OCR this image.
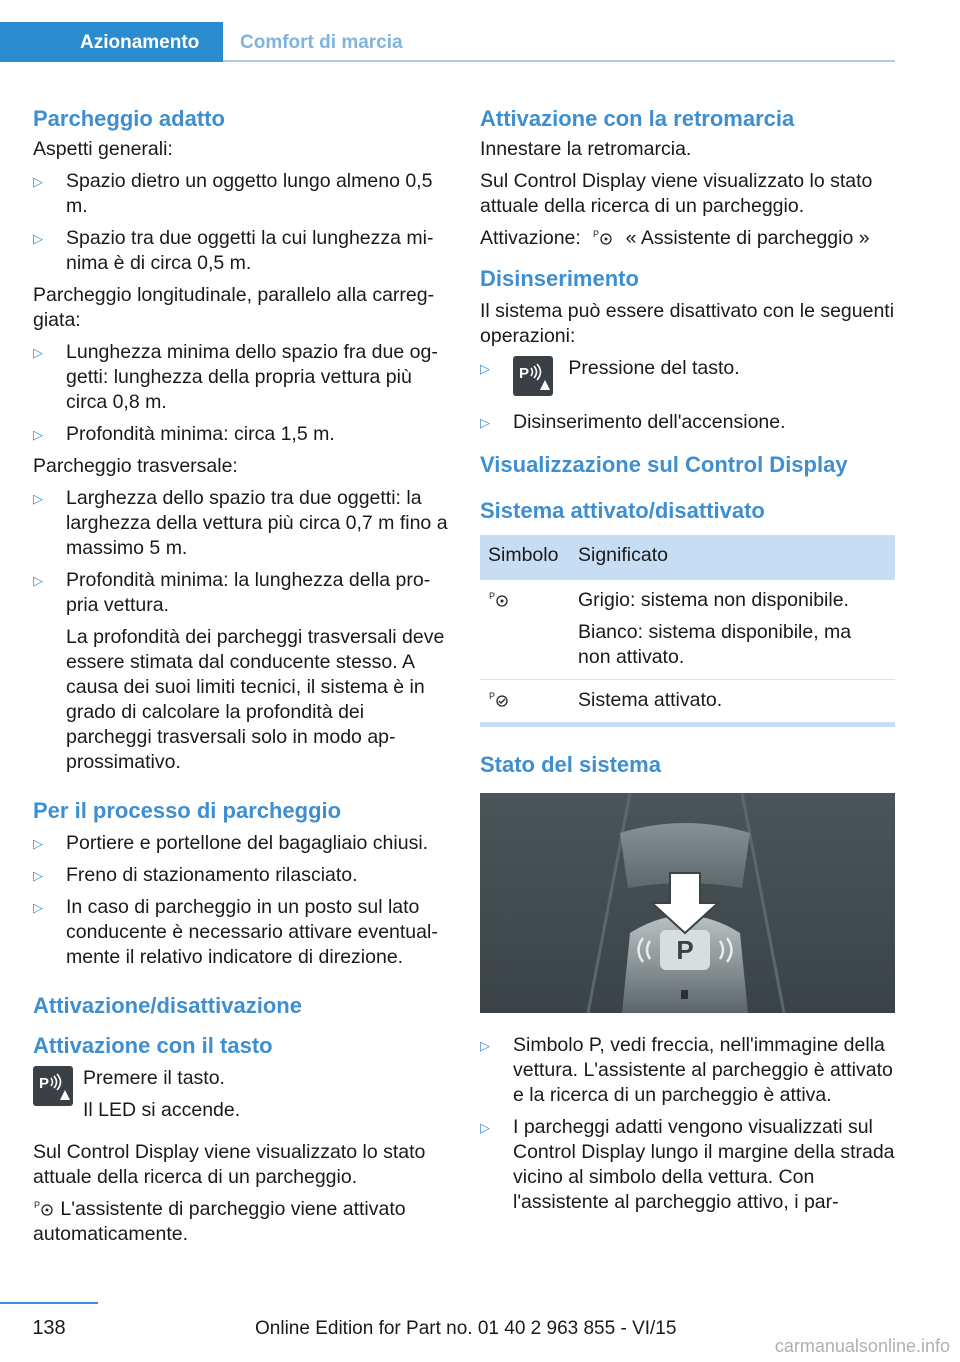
Azionamento	Comfort di marcia
Parcheggio adatto

Aspetti generali:

▷ Spazio dietro un oggetto lungo almeno 0,5 m.
▷ Spazio tra due oggetti la cui lunghezza minima è di circa 0,5 m.

Parcheggio longitudinale, parallelo alla carreggiata:

▷ Lunghezza minima dello spazio fra due oggetti: lunghezza della propria vettura più circa 0,8 m.
▷ Profondità minima: circa 1,5 m.

Parcheggio trasversale:

▷ Larghezza dello spazio tra due oggetti: la larghezza della vettura più circa 0,7 m fino a massimo 5 m.
▷ Profondità minima: la lunghezza della propria vettura.

La profondità dei parcheggi trasversali deve essere stimata dal conducente stesso. A causa dei suoi limiti tecnici, il sistema è in grado di calcolare la profondità dei parcheggi trasversali solo in modo approssimativo.

Per il processo di parcheggio
▷ Portiere e portellone del bagagliaio chiusi.
▷ Freno di stazionamento rilasciato.
▷ In caso di parcheggio in un posto sul lato conducente è necessario attivare eventualmente il relativo indicatore di direzione.
Attivazione/disattivazione
Attivazione con il tasto
P Premere il tasto.

Il LED si accende.

Sul Control Display viene visualizzato lo stato attuale della ricerca di un parcheggio.

P L'assistente di parcheggio viene attivato automaticamente.

Attivazione con la retromarcia

Innestare la retromarcia.

Sul Control Display viene visualizzato lo stato attuale della ricerca di un parcheggio.

Attivazione: P « Assistente di parcheggio »

Disinserimento

Il sistema può essere disattivato con le seguenti operazioni:

▷ P Pressione del tasto.
▷ Disinserimento dell'accensione.
Visualizzazione sul Control Display
Sistema attivato/disattivato
Simbolo	Significato

P	Grigio: sistema non disponibile.

Bianco: sistema disponibile, ma non attivato.

P	Sistema attivato.
Stato del sistema
P
▷ Simbolo P, vedi freccia, nell'immagine della vettura. L'assistente al parcheggio è attivato e la ricerca di un parcheggio è attiva.
▷ I parcheggi adatti vengono visualizzati sul Control Display lungo il margine della strada vicino al simbolo della vettura. Con l'assistente al parcheggio attivo, i par-
138	Online Edition for Part no. 01 40 2 963 855 - VI/15
carmanualsonline.info
